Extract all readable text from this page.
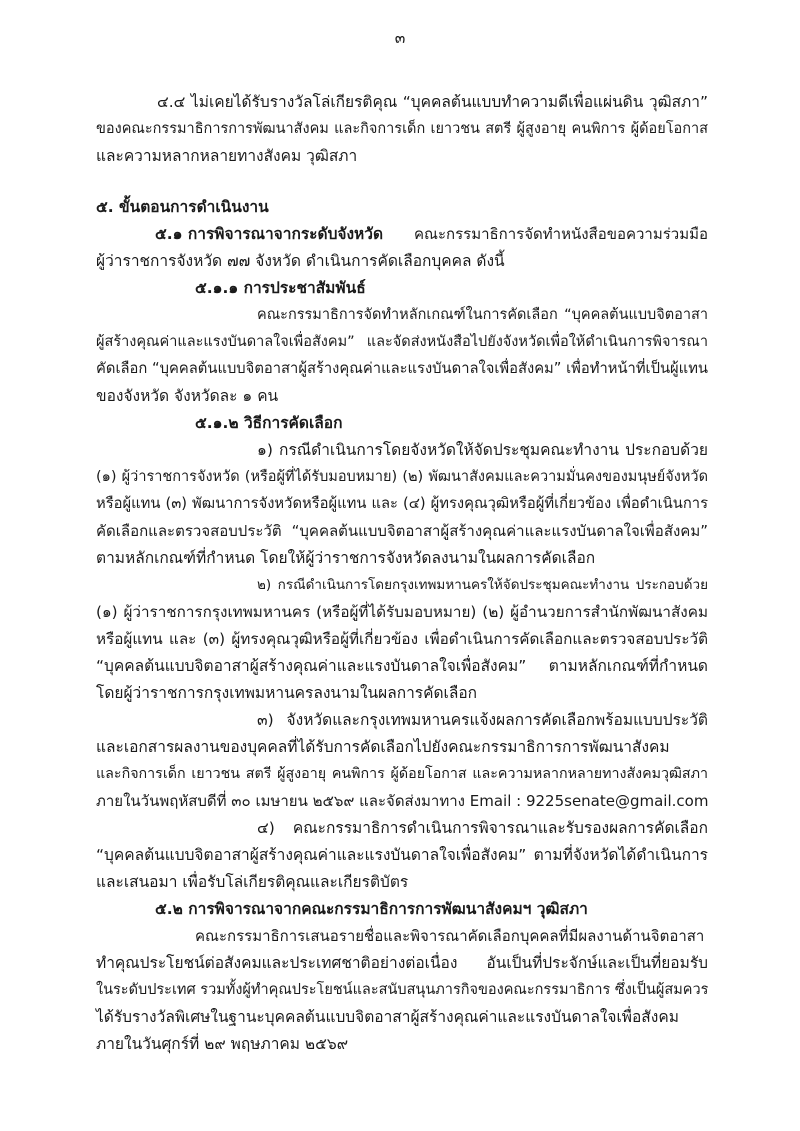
๓
๔.๔ ไม่เคยได้รับรางวัลโล่เกียรติคุณ “บุคคลต้นแบบทำความดีเพื่อแผ่นดิน วุฒิสภา”
ของคณะกรรมาธิการการพัฒนาสังคม และกิจการเด็ก เยาวชน สตรี ผู้สูงอายุ คนพิการ ผู้ด้อยโอกาส
และความหลากหลายทางสังคม วุฒิสภา
๕. ขั้นตอนการดำเนินงาน
๕.๑ การพิจารณาจากระดับจังหวัด คณะกรรมาธิการจัดทำหนังสือขอความร่วมมือ
ผู้ว่าราชการจังหวัด ๗๗ จังหวัด ดำเนินการคัดเลือกบุคคล ดังนี้
๕.๑.๑ การประชาสัมพันธ์
คณะกรรมาธิการจัดทำหลักเกณฑ์ในการคัดเลือก “บุคคลต้นแบบจิตอาสา
ผู้สร้างคุณค่าและแรงบันดาลใจเพื่อสังคม” และจัดส่งหนังสือไปยังจังหวัดเพื่อให้ดำเนินการพิจารณา
คัดเลือก “บุคคลต้นแบบจิตอาสาผู้สร้างคุณค่าและแรงบันดาลใจเพื่อสังคม” เพื่อทำหน้าที่เป็นผู้แทน
ของจังหวัด จังหวัดละ ๑ คน
๕.๑.๒ วิธีการคัดเลือก
๑) กรณีดำเนินการโดยจังหวัดให้จัดประชุมคณะทำงาน ประกอบด้วย
(๑) ผู้ว่าราชการจังหวัด (หรือผู้ที่ได้รับมอบหมาย) (๒) พัฒนาสังคมและความมั่นคงของมนุษย์จังหวัด
หรือผู้แทน (๓) พัฒนาการจังหวัดหรือผู้แทน และ (๔) ผู้ทรงคุณวุฒิหรือผู้ที่เกี่ยวข้อง เพื่อดำเนินการ
คัดเลือกและตรวจสอบประวัติ “บุคคลต้นแบบจิตอาสาผู้สร้างคุณค่าและแรงบันดาลใจเพื่อสังคม”
ตามหลักเกณฑ์ที่กำหนด โดยให้ผู้ว่าราชการจังหวัดลงนามในผลการคัดเลือก
๒) กรณีดำเนินการโดยกรุงเทพมหานครให้จัดประชุมคณะทำงาน ประกอบด้วย
(๑) ผู้ว่าราชการกรุงเทพมหานคร (หรือผู้ที่ได้รับมอบหมาย) (๒) ผู้อำนวยการสำนักพัฒนาสังคม
หรือผู้แทน และ (๓) ผู้ทรงคุณวุฒิหรือผู้ที่เกี่ยวข้อง เพื่อดำเนินการคัดเลือกและตรวจสอบประวัติ
“บุคคลต้นแบบจิตอาสาผู้สร้างคุณค่าและแรงบันดาลใจเพื่อสังคม” ตามหลักเกณฑ์ที่กำหนด
โดยผู้ว่าราชการกรุงเทพมหานครลงนามในผลการคัดเลือก
๓) จังหวัดและกรุงเทพมหานครแจ้งผลการคัดเลือกพร้อมแบบประวัติ
และเอกสารผลงานของบุคคลที่ได้รับการคัดเลือกไปยังคณะกรรมาธิการการพัฒนาสังคม
และกิจการเด็ก เยาวชน สตรี ผู้สูงอายุ คนพิการ ผู้ด้อยโอกาส และความหลากหลายทางสังคมวุฒิสภา
ภายในวันพฤหัสบดีที่ ๓๐ เมษายน ๒๕๖๙ และจัดส่งมาทาง Email : 9225senate@gmail.com
๔) คณะกรรมาธิการดำเนินการพิจารณาและรับรองผลการคัดเลือก
“บุคคลต้นแบบจิตอาสาผู้สร้างคุณค่าและแรงบันดาลใจเพื่อสังคม” ตามที่จังหวัดได้ดำเนินการ
และเสนอมา เพื่อรับโล่เกียรติคุณและเกียรติบัตร
๕.๒ การพิจารณาจากคณะกรรมาธิการการพัฒนาสังคมฯ วุฒิสภา
คณะกรรมาธิการเสนอรายชื่อและพิจารณาคัดเลือกบุคคลที่มีผลงานด้านจิตอาสา
ทำคุณประโยชน์ต่อสังคมและประเทศชาติอย่างต่อเนื่อง อันเป็นที่ประจักษ์และเป็นที่ยอมรับ
ในระดับประเทศ รวมทั้งผู้ทำคุณประโยชน์และสนับสนุนภารกิจของคณะกรรมาธิการ ซึ่งเป็นผู้สมควร
ได้รับรางวัลพิเศษในฐานะบุคคลต้นแบบจิตอาสาผู้สร้างคุณค่าและแรงบันดาลใจเพื่อสังคม
ภายในวันศุกร์ที่ ๒๙ พฤษภาคม ๒๕๖๙
